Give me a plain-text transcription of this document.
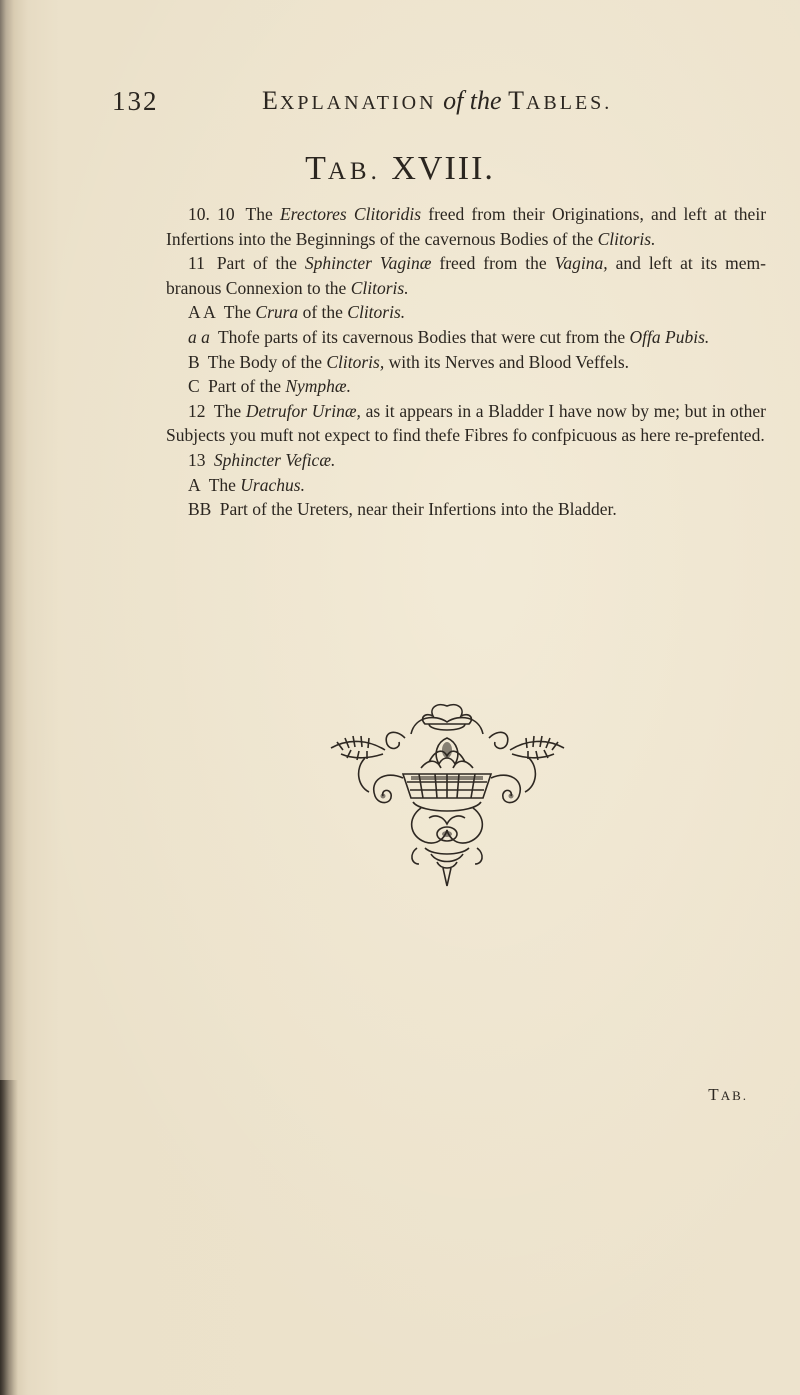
132	EXPLANATION of the TABLES.
TAB. XVIII.

10. 10 The Erectores Clitoridis freed from their Originations, and left at their Infertions into the Beginnings of the cavernous Bodies of the Clitoris.

11 Part of the Sphincter Vaginæ freed from the Vagina, and left at its mem-branous Connexion to the Clitoris.

A A The Crura of the Clitoris.

a a Thofe parts of its cavernous Bodies that were cut from the Offa Pubis.

B The Body of the Clitoris, with its Nerves and Blood Veffels.

C Part of the Nymphæ.

12 The Detrufor Urinæ, as it appears in a Bladder I have now by me; but in other Subjects you muft not expect to find thefe Fibres fo confpicuous as here re-prefented.

13 Sphincter Veficæ.

A The Urachus.

BB Part of the Ureters, near their Infertions into the Bladder.

TAB.
